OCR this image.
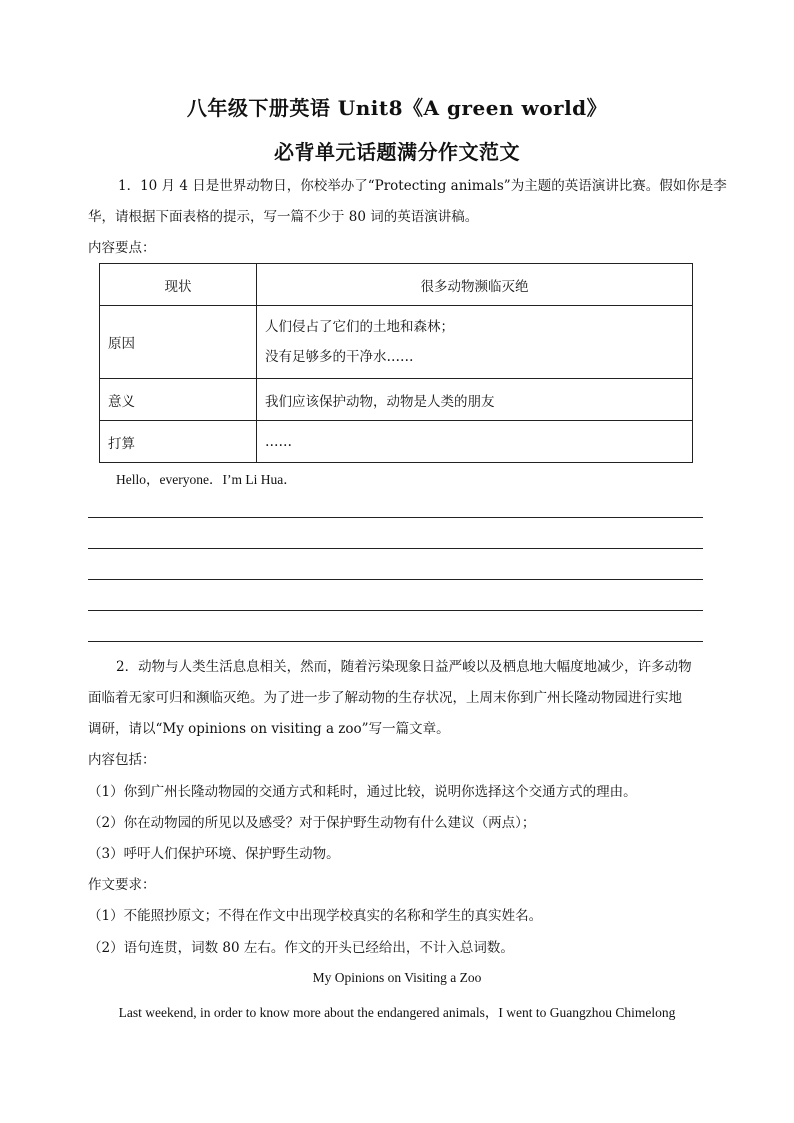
八年级下册英语 Unit8《A green world》
必背单元话题满分作文范文
1．10 月 4 日是世界动物日，你校举办了“Protecting animals”为主题的英语演讲比赛。假如你是李
华，请根据下面表格的提示，写一篇不少于 80 词的英语演讲稿。
内容要点：
现状	很多动物濒临灭绝
原因	人们侵占了它们的土地和森林；
没有足够多的干净水……

意义	我们应该保护动物，动物是人类的朋友
打算	……
Hello，everyone．I’m Li Hua．
2．动物与人类生活息息相关，然而，随着污染现象日益严峻以及栖息地大幅度地减少，许多动物
面临着无家可归和濒临灭绝。为了进一步了解动物的生存状况，上周末你到广州长隆动物园进行实地
调研，请以“My opinions on visiting a zoo”写一篇文章。
内容包括：
（1）你到广州长隆动物园的交通方式和耗时，通过比较，说明你选择这个交通方式的理由。
（2）你在动物园的所见以及感受？对于保护野生动物有什么建议（两点）；
（3）呼吁人们保护环境、保护野生动物。
作文要求：
（1）不能照抄原文；不得在作文中出现学校真实的名称和学生的真实姓名。
（2）语句连贯，词数 80 左右。作文的开头已经给出，不计入总词数。
My Opinions on Visiting a Zoo
Last weekend, in order to know more about the endangered animals，I went to Guangzhou Chimelong
